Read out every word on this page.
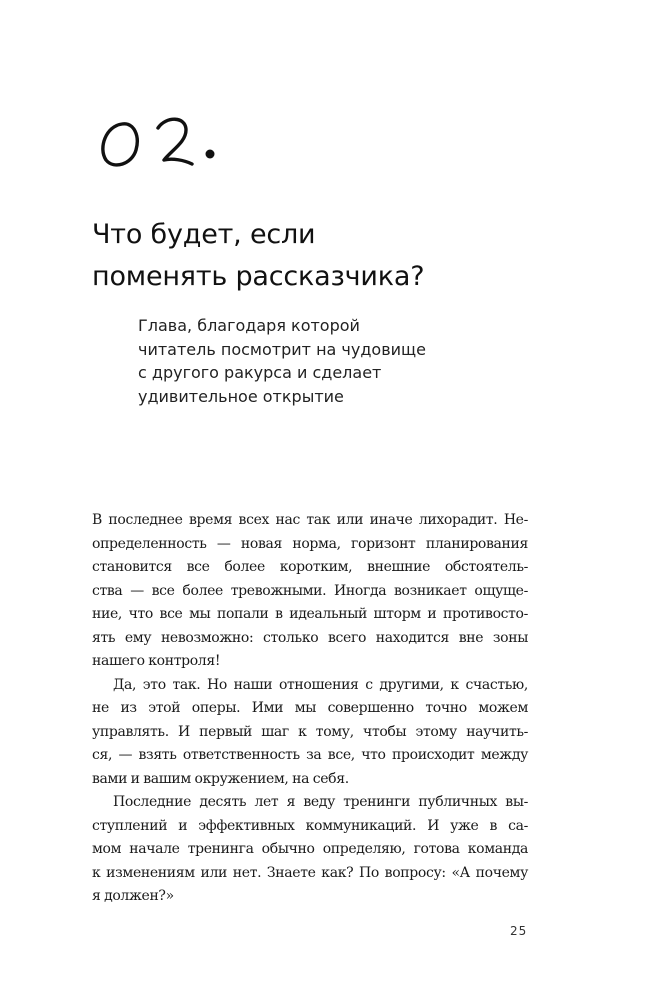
Что будет, если
поменять рассказчика?
Глава, благодаря которой
читатель посмотрит на чудовище
с другого ракурса и сделает
удивительное открытие

В последнее время всех нас так или иначе лихорадит. Не-
определенность — новая норма, горизонт планирования
становится все более коротким, внешние обстоятель-
ства — все более тревожными. Иногда возникает ощуще-
ние, что все мы попали в идеальный шторм и противосто-
ять ему невозможно: столько всего находится вне зоны
нашего контроля!

Да, это так. Но наши отношения с другими, к счастью,
не из этой оперы. Ими мы совершенно точно можем
управлять. И первый шаг к тому, чтобы этому научить-
ся, — взять ответственность за все, что происходит между
вами и вашим окружением, на себя.

Последние десять лет я веду тренинги публичных вы-
ступлений и эффективных коммуникаций. И уже в са-
мом начале тренинга обычно определяю, готова команда
к изменениям или нет. Знаете как? По вопросу: «А почему
я должен?»

25
